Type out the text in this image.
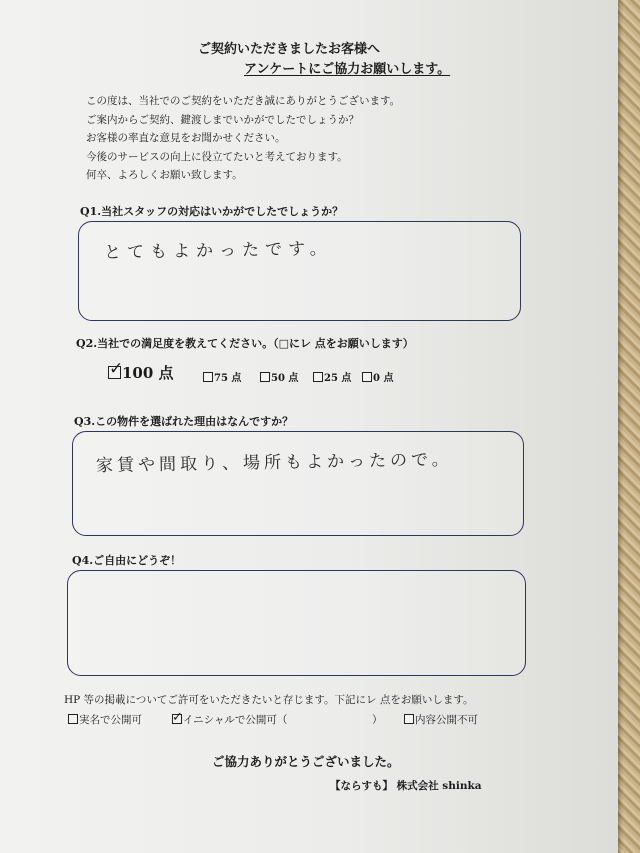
ご契約いただきましたお客様へ
アンケートにご協力お願いします。
この度は、当社でのご契約をいただき誠にありがとうございます。
ご案内からご契約、鍵渡しまでいかがでしたでしょうか？
お客様の率直な意見をお聞かせください。
今後のサービスの向上に役立てたいと考えております。
何卒、よろしくお願い致します。
Q1.当社スタッフの対応はいかがでしたでしょうか？
とてもよかったです。
Q2.当社での満足度を教えてください。（□にレ 点をお願いします）
✓
100 点	75 点	50 点	25 点	0 点
Q3.この物件を選ばれた理由はなんですか？
家賃や間取り、場所もよかったので。
Q4.ご自由にどうぞ！
HP 等の掲載についてご許可をいただきたいと存じます。下記にレ 点をお願いします。
実名で公開可 ✓ イニシャルで公開可（	）	内容公開不可
ご協力ありがとうございました。
【ならすも】 株式会社 shinka
